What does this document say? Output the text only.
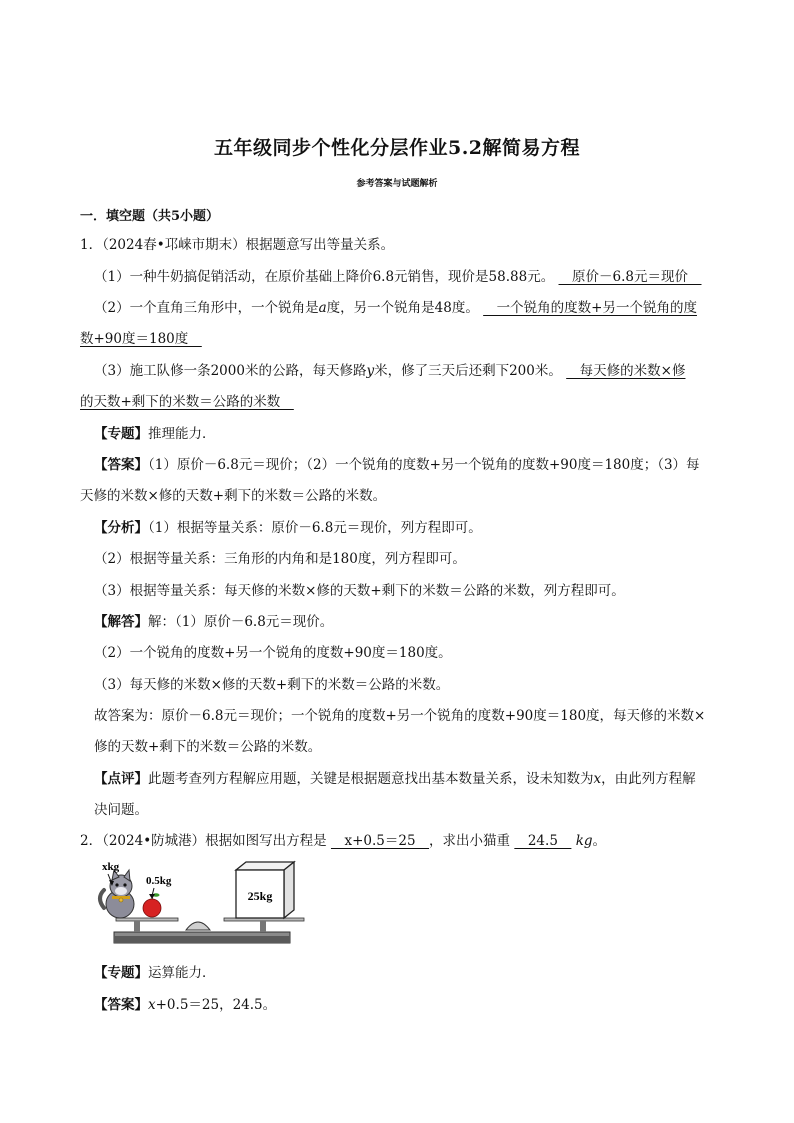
五年级同步个性化分层作业5.2解简易方程
参考答案与试题解析
一．填空题（共5小题）
1．（2024春•邛崃市期末）根据题意写出等量关系。
（1）一种牛奶搞促销活动，在原价基础上降价6.8元销售，现价是58.88元。 　原价－6.8元＝现价　
（2）一个直角三角形中，一个锐角是a度，另一个锐角是48度。 　一个锐角的度数+另一个锐角的度
数+90度＝180度　
（3）施工队修一条2000米的公路，每天修路y米，修了三天后还剩下200米。 　每天修的米数×修
的天数+剩下的米数＝公路的米数　
【专题】推理能力．
【答案】（1）原价－6.8元＝现价；（2）一个锐角的度数+另一个锐角的度数+90度＝180度；（3）每
天修的米数×修的天数+剩下的米数＝公路的米数。
【分析】（1）根据等量关系：原价－6.8元＝现价，列方程即可。
（2）根据等量关系：三角形的内角和是180度，列方程即可。
（3）根据等量关系：每天修的米数×修的天数+剩下的米数＝公路的米数，列方程即可。
【解答】解：（1）原价－6.8元＝现价。
（2）一个锐角的度数+另一个锐角的度数+90度＝180度。
（3）每天修的米数×修的天数+剩下的米数＝公路的米数。
故答案为：原价－6.8元＝现价；一个锐角的度数+另一个锐角的度数+90度＝180度，每天修的米数×
修的天数+剩下的米数＝公路的米数。
【点评】此题考查列方程解应用题，关键是根据题意找出基本数量关系，设未知数为x，由此列方程解
决问题。
2．（2024•防城港）根据如图写出方程是 　x+0.5＝25　，求出小猫重 　24.5　 kg。
25kg
xkg
0.5kg
【专题】运算能力．
【答案】x+0.5＝25，24.5。
